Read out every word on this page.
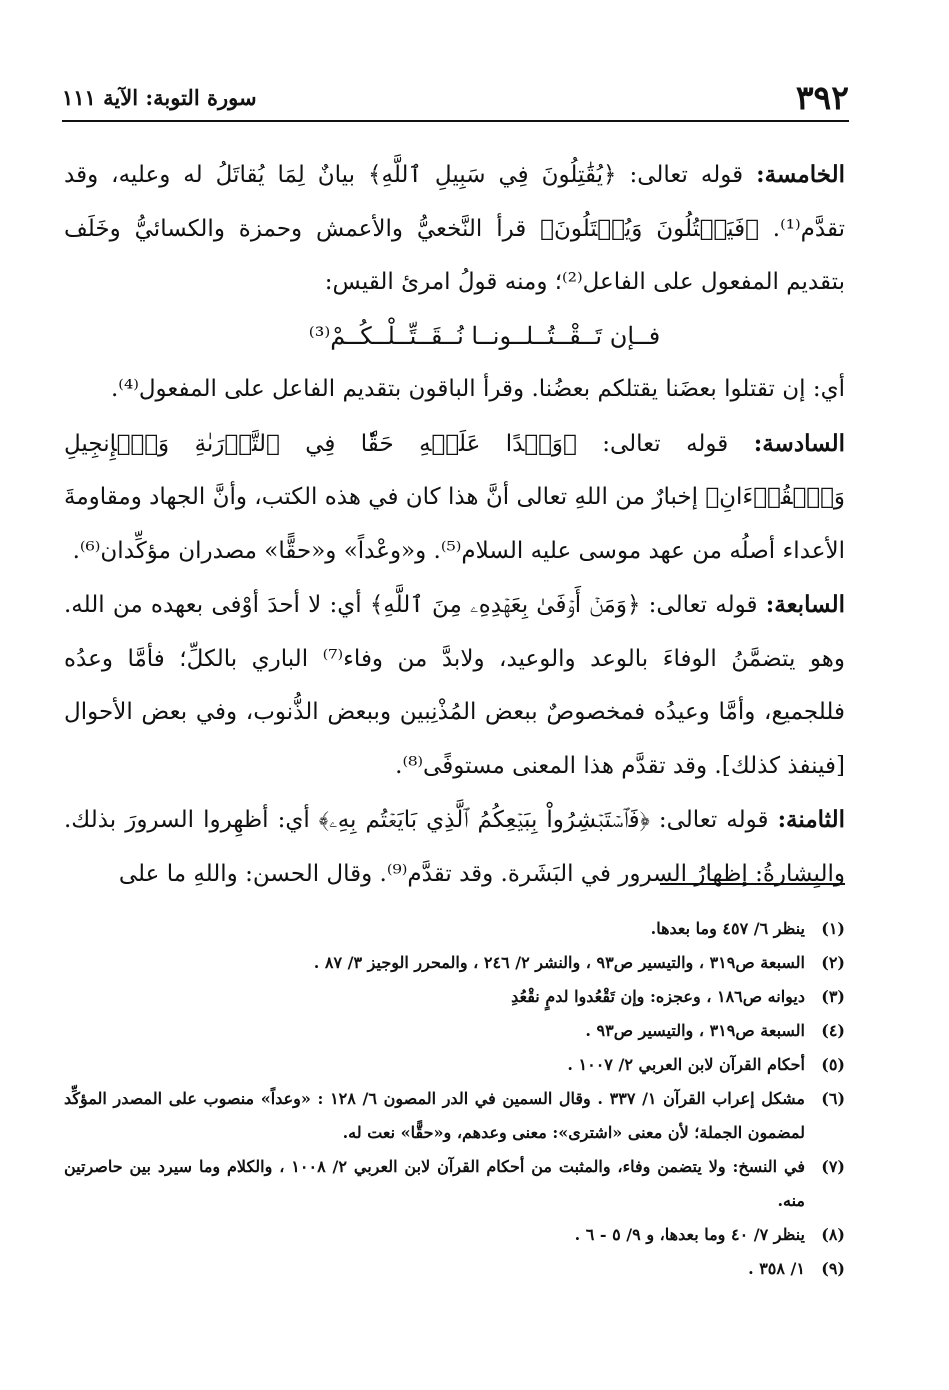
٣٩٢
سورة التوبة: الآية ١١١

الخامسة: قوله تعالى: ﴿يُقَٰتِلُونَ فِي سَبِيلِ ٱللَّهِ﴾ بيانٌ لِمَا يُقاتَلُ له وعليه، وقد تقدَّم⁽¹⁾. ﴿فَيَقۡتُلُونَ وَيُقۡتَلُونَ﴾ قرأ النَّخعيُّ والأعمش وحمزة والكسائيُّ وخَلَف بتقديم المفعول على الفاعل⁽²⁾؛ ومنه قولُ امرئ القيس:

فــإن تَــقْــتُــلــونــا نُــقَــتِّــلْــكُــمْ⁽³⁾

أي: إن تقتلوا بعضَنا يقتلكم بعضُنا. وقرأ الباقون بتقديم الفاعل على المفعول⁽⁴⁾.

السادسة: قوله تعالى: ﴿وَعۡدًا عَلَيۡهِ حَقّٗا فِي ٱلتَّوۡرَىٰةِ وَٱلۡإِنجِيلِ وَٱلۡقُرۡءَانِ﴾ إخبارٌ من اللهِ تعالى أنَّ هذا كان في هذه الكتب، وأنَّ الجهاد ومقاومةَ الأعداء أصلُه من عهد موسى عليه السلام⁽⁵⁾. و«وعْداً» و«حقًّا» مصدران مؤكِّدان⁽⁶⁾.

السابعة: قوله تعالى: ﴿وَمَنۡ أَوۡفَىٰ بِعَهۡدِهِۦ مِنَ ٱللَّهِ﴾ أي: لا أحدَ أوْفى بعهده من الله. وهو يتضمَّنُ الوفاءَ بالوعد والوعيد، ولابدَّ من وفاء⁽⁷⁾ الباري بالكلِّ؛ فأمَّا وعدُه فللجميع، وأمَّا وعيدُه فمخصوصٌ ببعض المُذْنِبين وببعض الذُّنوب، وفي بعض الأحوال [فينفذ كذلك]. وقد تقدَّم هذا المعنى مستوفًى⁽⁸⁾.

الثامنة: قوله تعالى: ﴿فَٱسۡتَبۡشِرُواْ بِبَيۡعِكُمُ ٱلَّذِي بَايَعۡتُم بِهِۦ﴾ أي: أظهِروا السرورَ بذلك. والبِشارةُ: إظهارُ السرور في البَشَرة. وقد تقدَّم⁽⁹⁾. وقال الحسن: واللهِ ما على

(١)ينظر ٦/ ٤٥٧ وما بعدها.

(٢)السبعة ص٣١٩ ، والتيسير ص٩٣ ، والنشر ٢/ ٢٤٦ ، والمحرر الوجيز ٣/ ٨٧ .

(٣)ديوانه ص١٨٦ ، وعجزه: وإن تَقْعُدوا لدمٍ نقْعُدِ

(٤)السبعة ص٣١٩ ، والتيسير ص٩٣ .

(٥)أحكام القرآن لابن العربي ٢/ ١٠٠٧ .

(٦)مشكل إعراب القرآن ١/ ٣٣٧ . وقال السمين في الدر المصون ٦/ ١٢٨ : «وعداً» منصوب على المصدر المؤكِّد لمضمون الجملة؛ لأن معنى «اشترى»: معنى وعدهم، و«حقًّا» نعت له.

(٧)في النسخ: ولا يتضمن وفاء، والمثبت من أحكام القرآن لابن العربي ٢/ ١٠٠٨ ، والكلام وما سيرد بين حاصرتين منه.

(٨)ينظر ٧/ ٤٠ وما بعدها، و ٩/ ٥ - ٦ .

(٩)١/ ٣٥٨ .
